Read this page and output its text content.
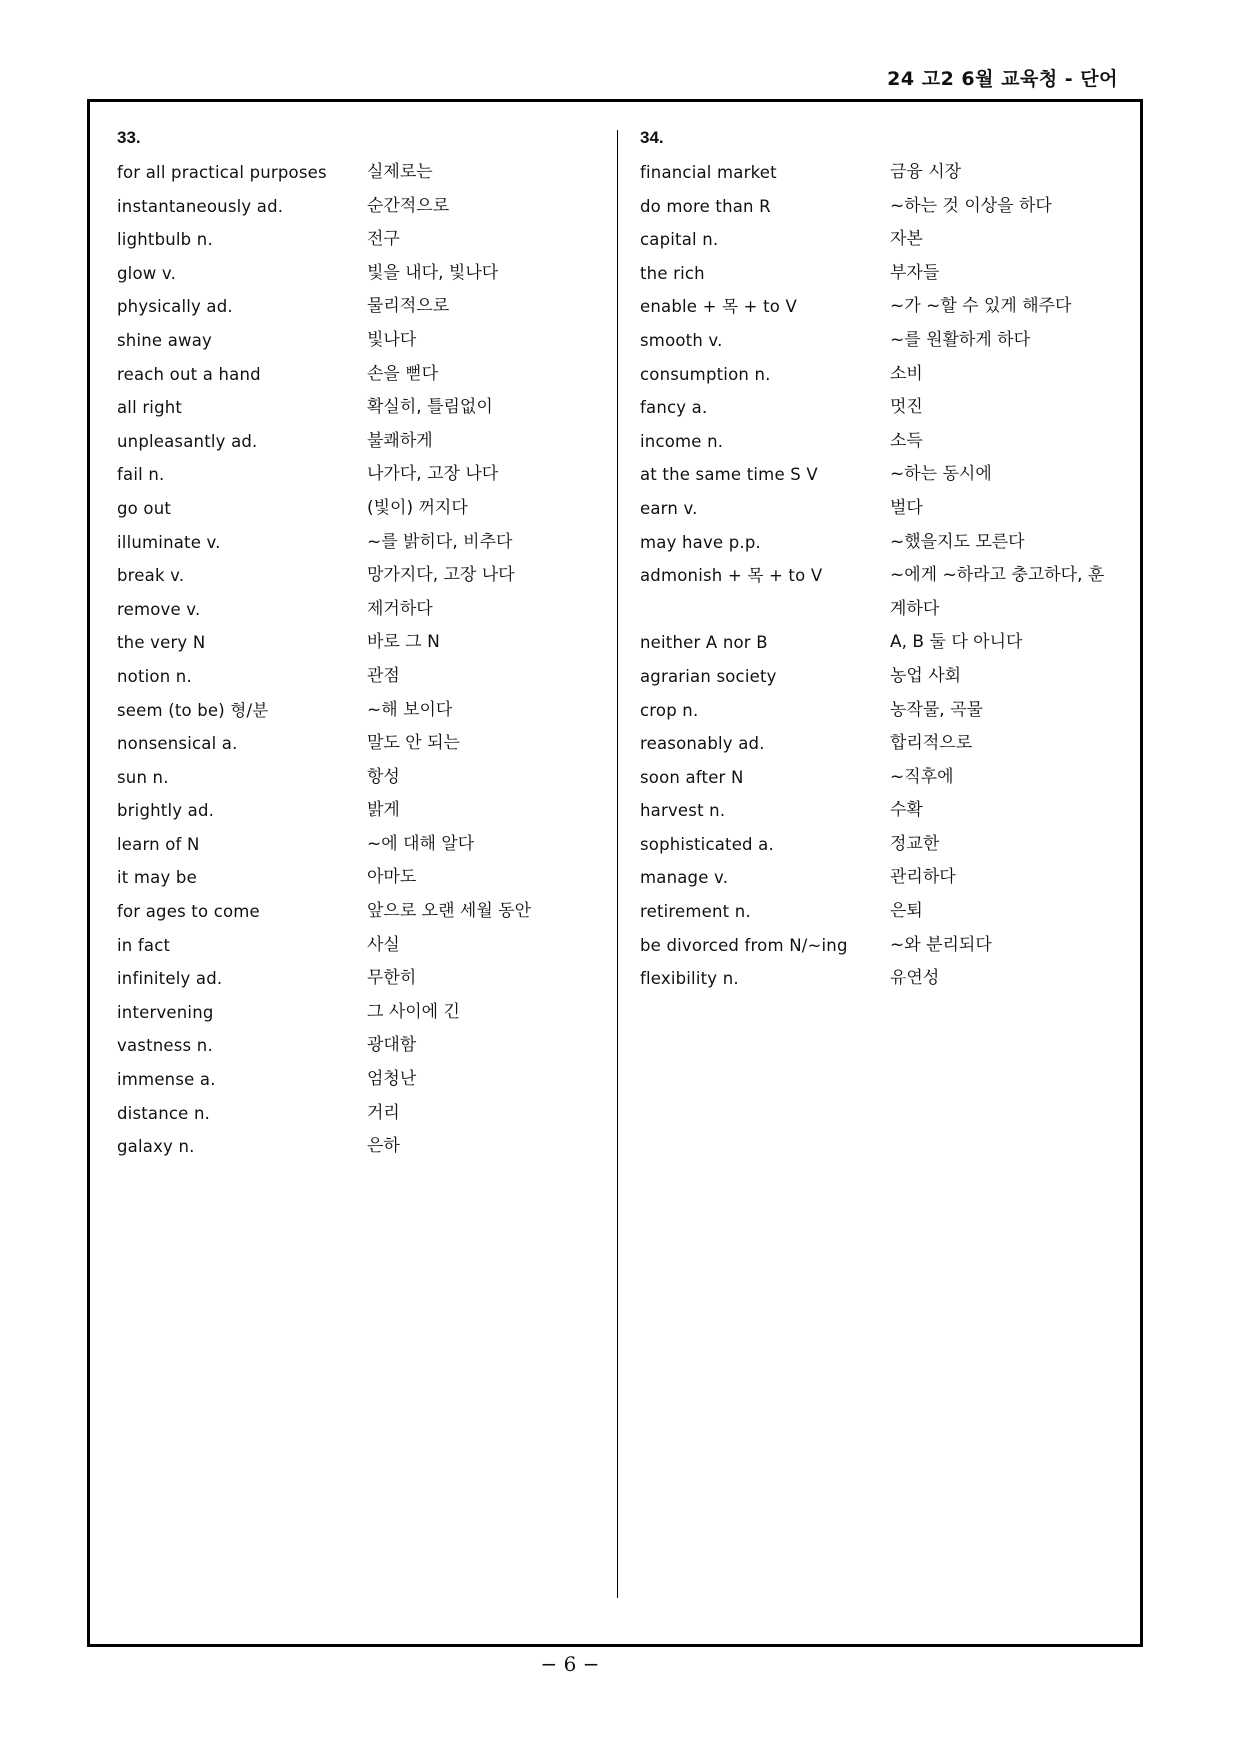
24 고2 6월 교육청 - 단어
33.
for all practical purposes	실제로는
instantaneously ad.	순간적으로
lightbulb n.	전구
glow v.	빛을 내다, 빛나다
physically ad.	물리적으로
shine away	빛나다
reach out a hand	손을 뻗다
all right	확실히, 틀림없이
unpleasantly ad.	불쾌하게
fail n.	나가다, 고장 나다
go out	(빛이) 꺼지다
illuminate v.	~를 밝히다, 비추다
break v.	망가지다, 고장 나다
remove v.	제거하다
the very N	바로 그 N
notion n.	관점
seem (to be) 형/분	~해 보이다
nonsensical a.	말도 안 되는
sun n.	항성
brightly ad.	밝게
learn of N	~에 대해 알다
it may be	아마도
for ages to come	앞으로 오랜 세월 동안
in fact	사실
infinitely ad.	무한히
intervening	그 사이에 긴
vastness n.	광대함
immense a.	엄청난
distance n.	거리
galaxy n.	은하
34.
financial market	금융 시장
do more than R	~하는 것 이상을 하다
capital n.	자본
the rich	부자들
enable + 목 + to V	~가 ~할 수 있게 해주다
smooth v.	~를 원활하게 하다
consumption n.	소비
fancy a.	멋진
income n.	소득
at the same time S V	~하는 동시에
earn v.	벌다
may have p.p.	~했을지도 모른다
admonish + 목 + to V	~에게 ~하라고 충고하다, 훈계하다
neither A nor B	A, B 둘 다 아니다
agrarian society	농업 사회
crop n.	농작물, 곡물
reasonably ad.	합리적으로
soon after N	~직후에
harvest n.	수확
sophisticated a.	정교한
manage v.	관리하다
retirement n.	은퇴
be divorced from N/~ing	~와 분리되다
flexibility n.	유연성
− 6 −
